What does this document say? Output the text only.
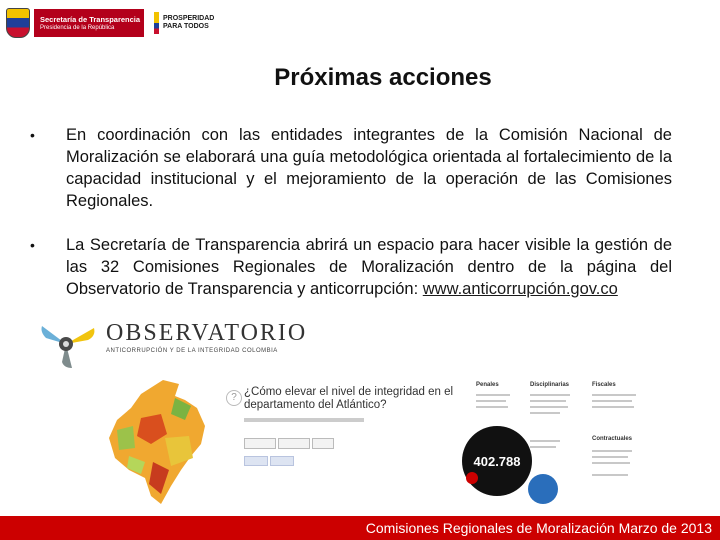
Secretaría de Transparencia
Presidencia de la República
PROSPERIDAD PARA TODOS
Próximas acciones
•	En coordinación con las entidades integrantes de la Comisión Nacional de Moralización se elaborará una guía metodológica orientada al fortalecimiento de la capacidad institucional y el mejoramiento de la operación de las Comisiones Regionales.
•	La Secretaría de Transparencia abrirá un espacio para hacer visible la gestión de las 32 Comisiones Regionales de Moralización dentro de la página del Observatorio de Transparencia y anticorrupción: www.anticorrupción.gov.co
OBSERVATORIO
ANTICORRUPCIÓN Y DE LA INTEGRIDAD COLOMBIA
? ¿Cómo elevar el nivel de integridad en el departamento del Atlántico?
Penales	Disciplinarias	Fiscales
Contractuales
402.788
Comisiones Regionales de Moralización Marzo de 2013
